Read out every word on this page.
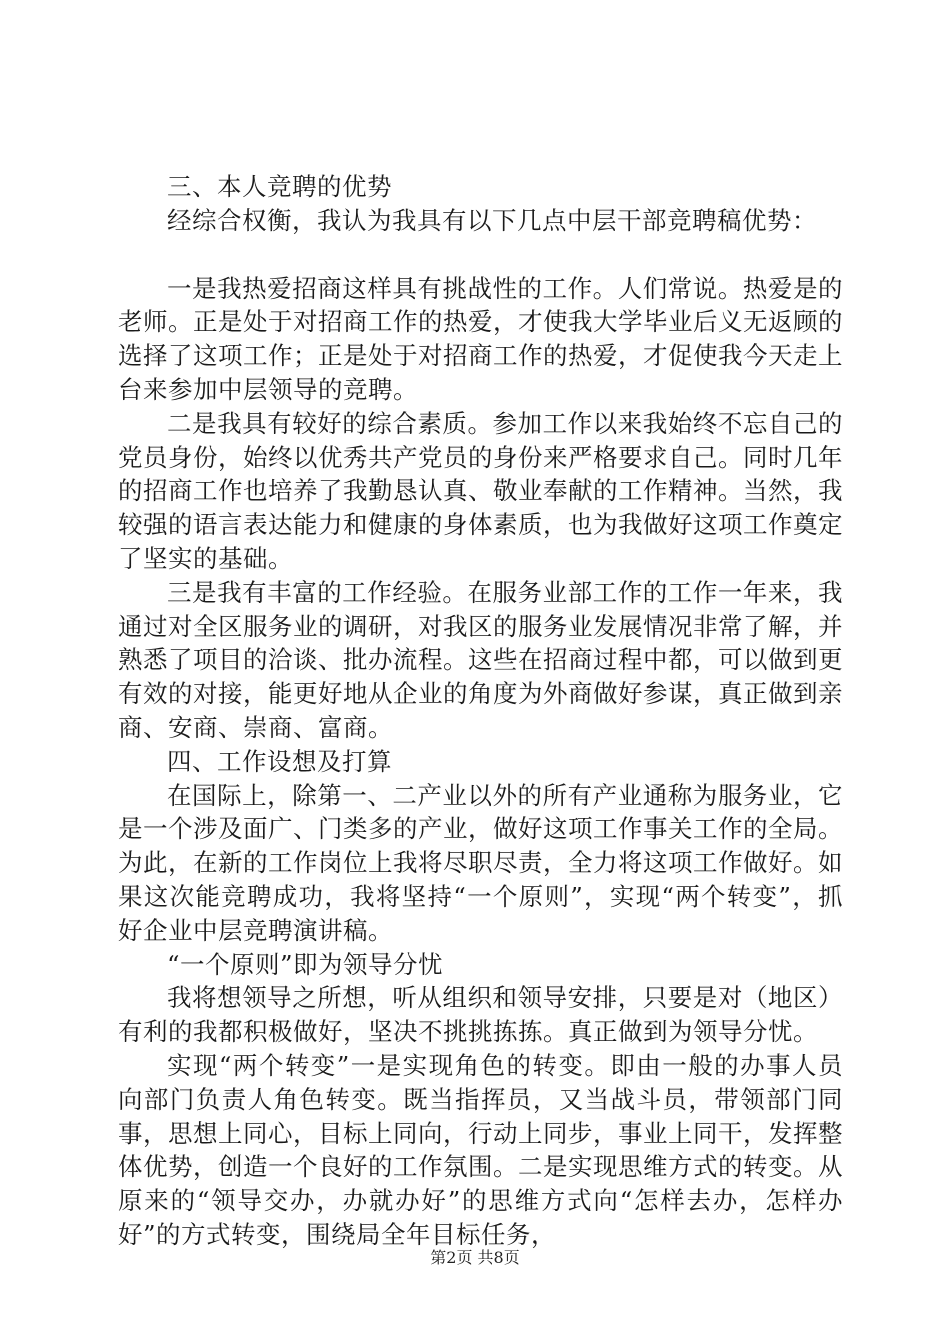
三、本人竞聘的优势

经综合权衡，我认为我具有以下几点中层干部竞聘稿优势：

一是我热爱招商这样具有挑战性的工作。人们常说。热爱是的老师。正是处于对招商工作的热爱，才使我大学毕业后义无返顾的选择了这项工作；正是处于对招商工作的热爱，才促使我今天走上台来参加中层领导的竞聘。

二是我具有较好的综合素质。参加工作以来我始终不忘自己的党员身份，始终以优秀共产党员的身份来严格要求自己。同时几年的招商工作也培养了我勤恳认真、敬业奉献的工作精神。当然，我较强的语言表达能力和健康的身体素质，也为我做好这项工作奠定了坚实的基础。

三是我有丰富的工作经验。在服务业部工作的工作一年来，我通过对全区服务业的调研，对我区的服务业发展情况非常了解，并熟悉了项目的洽谈、批办流程。这些在招商过程中都，可以做到更有效的对接，能更好地从企业的角度为外商做好参谋，真正做到亲商、安商、崇商、富商。

四、工作设想及打算

在国际上，除第一、二产业以外的所有产业通称为服务业，它是一个涉及面广、门类多的产业，做好这项工作事关工作的全局。为此，在新的工作岗位上我将尽职尽责，全力将这项工作做好。如果这次能竞聘成功，我将坚持“一个原则”，实现“两个转变”，抓好企业中层竞聘演讲稿。

“一个原则”即为领导分忧

我将想领导之所想，听从组织和领导安排，只要是对（地区）有利的我都积极做好，坚决不挑挑拣拣。真正做到为领导分忧。

实现“两个转变”一是实现角色的转变。即由一般的办事人员向部门负责人角色转变。既当指挥员，又当战斗员，带领部门同事，思想上同心，目标上同向，行动上同步，事业上同干，发挥整体优势，创造一个良好的工作氛围。二是实现思维方式的转变。从原来的“领导交办，办就办好”的思维方式向“怎样去办，怎样办好”的方式转变，围绕局全年目标任务，

第2页 共8页
